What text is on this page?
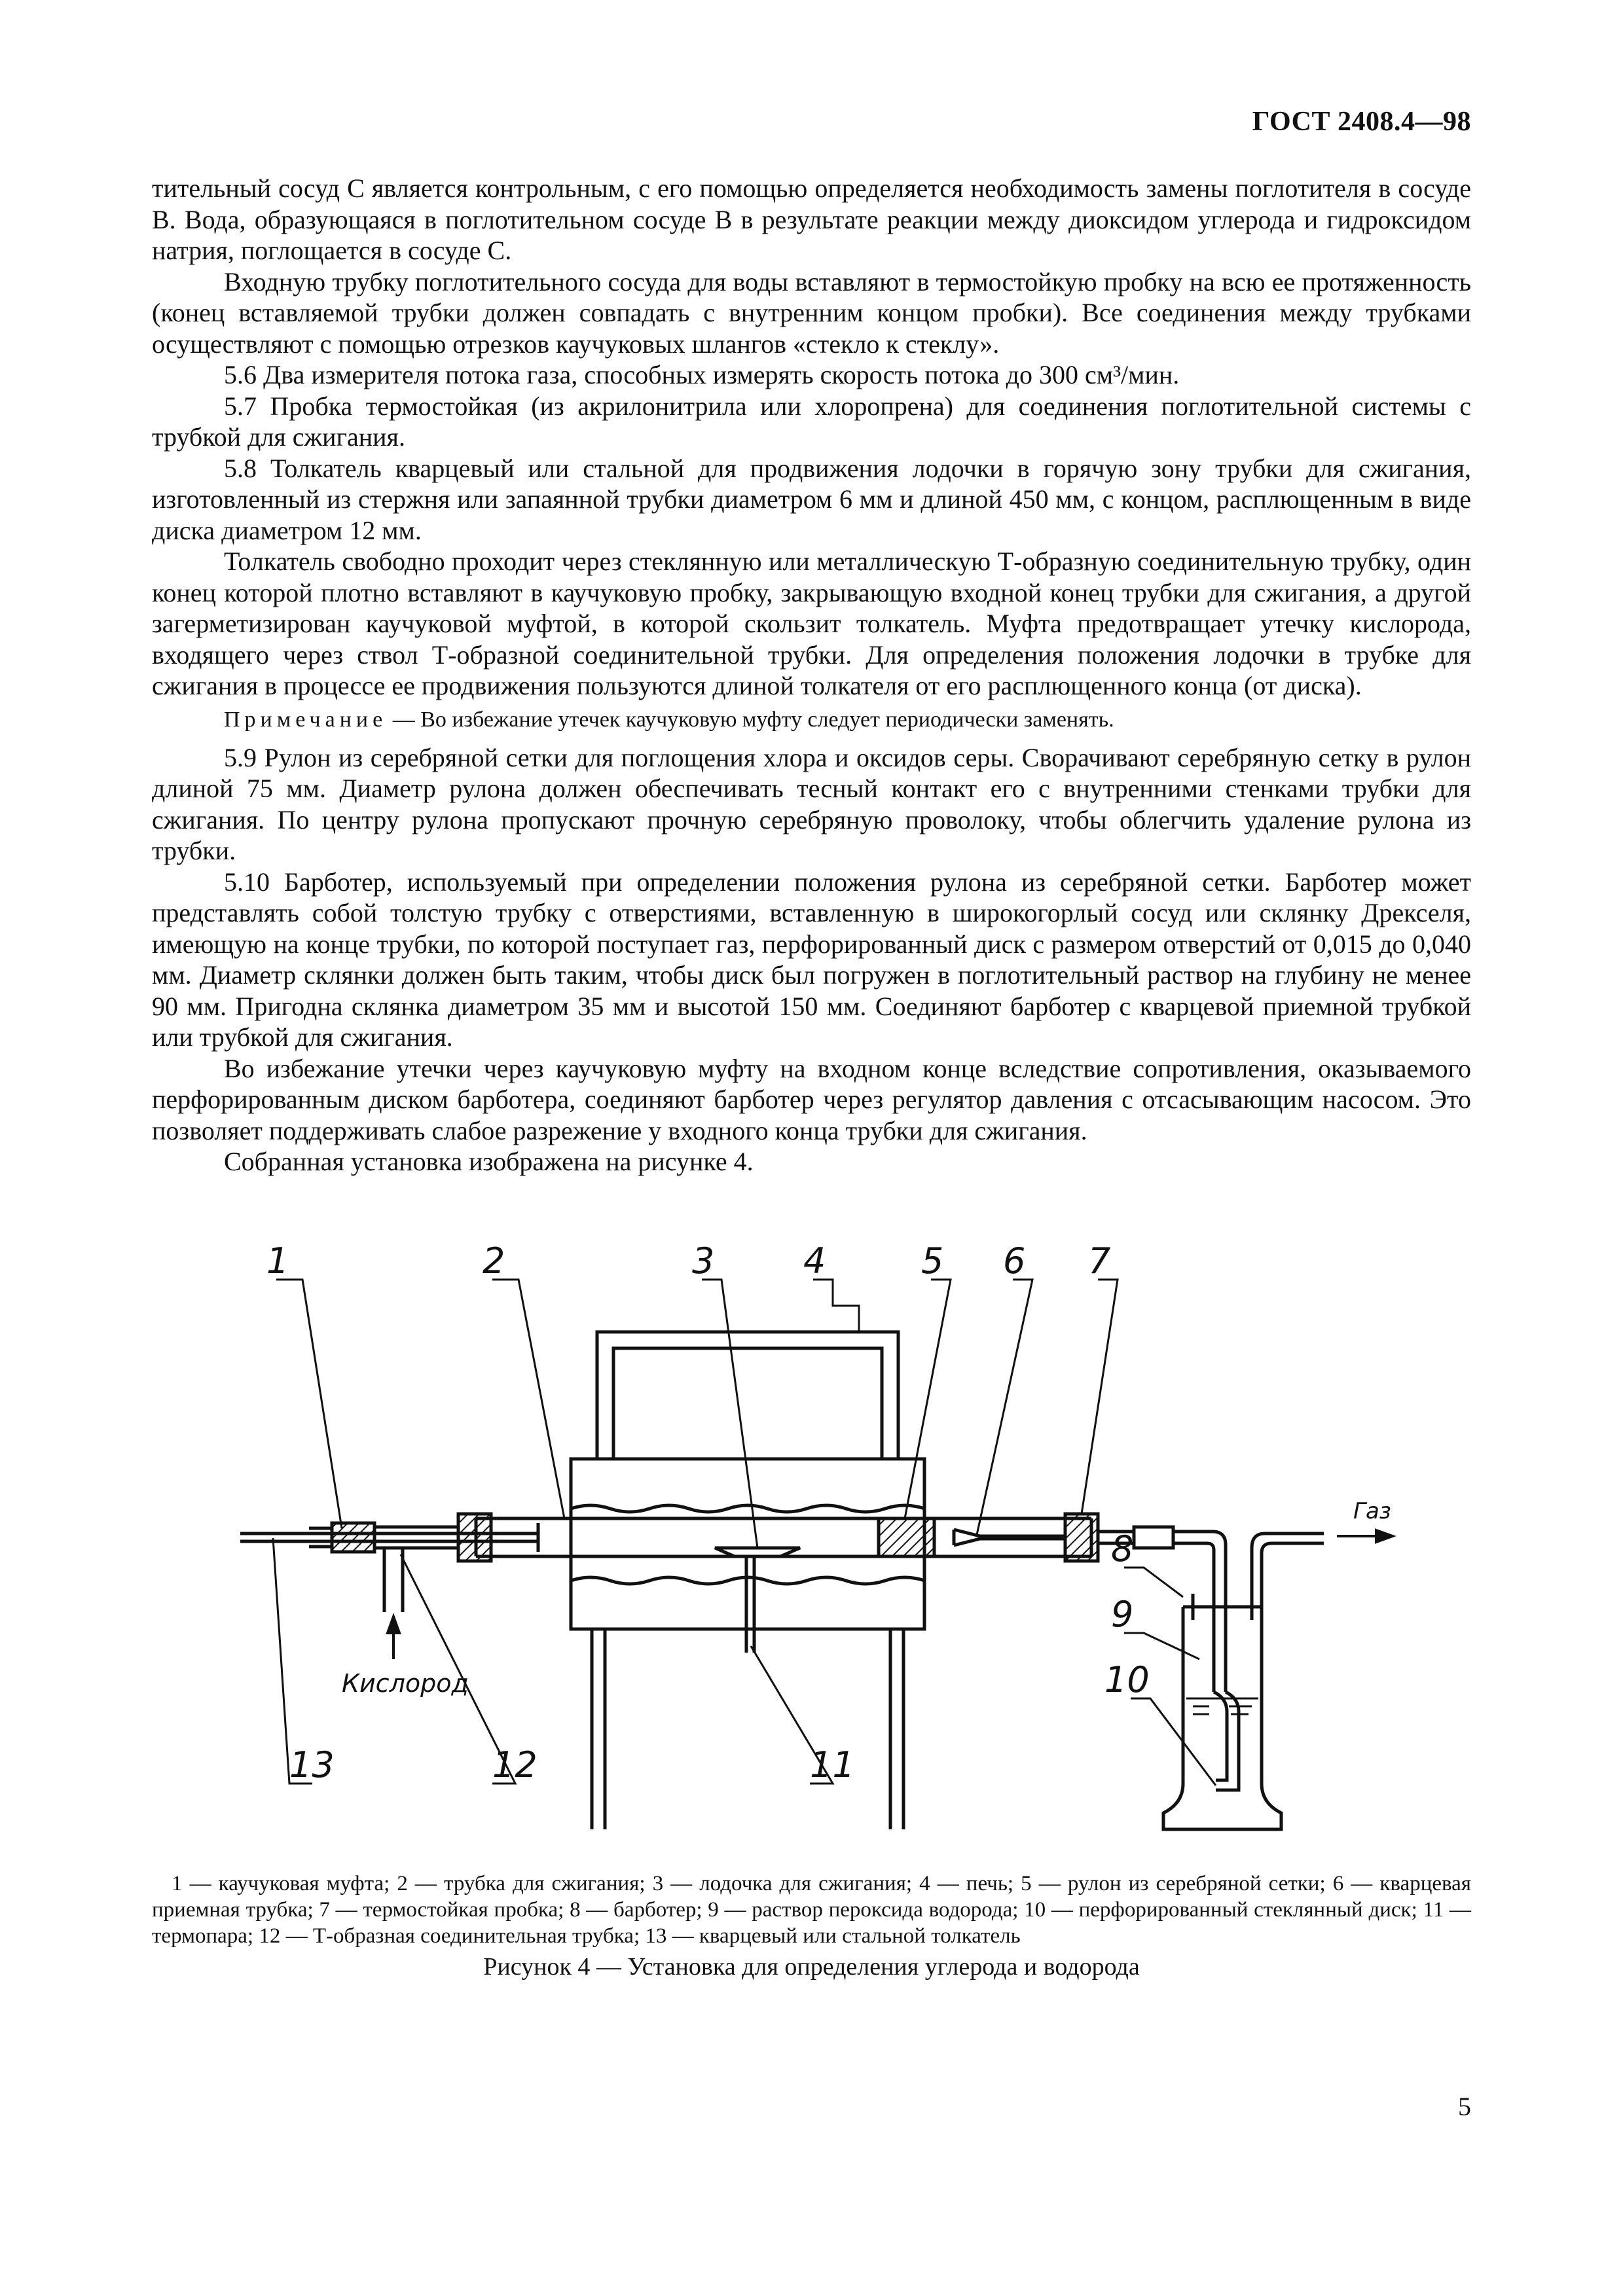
ГОСТ 2408.4—98

тительный сосуд C является контрольным, с его помощью определяется необходимость замены поглотителя в сосуде B. Вода, образующаяся в поглотительном сосуде B в результате реакции между диоксидом углерода и гидроксидом натрия, поглощается в сосуде C.

Входную трубку поглотительного сосуда для воды вставляют в термостойкую пробку на всю ее протяженность (конец вставляемой трубки должен совпадать с внутренним концом пробки). Все соединения между трубками осуществляют с помощью отрезков каучуковых шлангов «стекло к стеклу».

5.6 Два измерителя потока газа, способных измерять скорость потока до 300 см³/мин.

5.7 Пробка термостойкая (из акрилонитрила или хлоропрена) для соединения поглотительной системы с трубкой для сжигания.

5.8 Толкатель кварцевый или стальной для продвижения лодочки в горячую зону трубки для сжигания, изготовленный из стержня или запаянной трубки диаметром 6 мм и длиной 450 мм, с концом, расплющенным в виде диска диаметром 12 мм.

Толкатель свободно проходит через стеклянную или металлическую Т-образную соединительную трубку, один конец которой плотно вставляют в каучуковую пробку, закрывающую входной конец трубки для сжигания, а другой загерметизирован каучуковой муфтой, в которой скользит толкатель. Муфта предотвращает утечку кислорода, входящего через ствол Т-образной соединительной трубки. Для определения положения лодочки в трубке для сжигания в процессе ее продвижения пользуются длиной толкателя от его расплющенного конца (от диска).

Примечание — Во избежание утечек каучуковую муфту следует периодически заменять.

5.9 Рулон из серебряной сетки для поглощения хлора и оксидов серы. Сворачивают серебряную сетку в рулон длиной 75 мм. Диаметр рулона должен обеспечивать тесный контакт его с внутренними стенками трубки для сжигания. По центру рулона пропускают прочную серебряную проволоку, чтобы облегчить удаление рулона из трубки.

5.10 Барботер, используемый при определении положения рулона из серебряной сетки. Барботер может представлять собой толстую трубку с отверстиями, вставленную в широкогорлый сосуд или склянку Дрекселя, имеющую на конце трубки, по которой поступает газ, перфорированный диск с размером отверстий от 0,015 до 0,040 мм. Диаметр склянки должен быть таким, чтобы диск был погружен в поглотительный раствор на глубину не менее 90 мм. Пригодна склянка диаметром 35 мм и высотой 150 мм. Соединяют барботер с кварцевой приемной трубкой или трубкой для сжигания.

Во избежание утечки через каучуковую муфту на входном конце вследствие сопротивления, оказываемого перфорированным диском барботера, соединяют барботер через регулятор давления с отсасывающим насосом. Это позволяет поддерживать слабое разрежение у входного конца трубки для сжигания.

Собранная установка изображена на рисунке 4.

1	2	3	4	5 6 7
8
9
10
11
12
13
Кислород
Газ

1 — каучуковая муфта; 2 — трубка для сжигания; 3 — лодочка для сжигания; 4 — печь; 5 — рулон из серебряной сетки; 6 — кварцевая приемная трубка; 7 — термостойкая пробка; 8 — барботер; 9 — раствор пероксида водорода; 10 — перфорированный стеклянный диск; 11 — термопара; 12 — Т-образная соединительная трубка; 13 — кварцевый или стальной толкатель

Рисунок 4 — Установка для определения углерода и водорода
5
